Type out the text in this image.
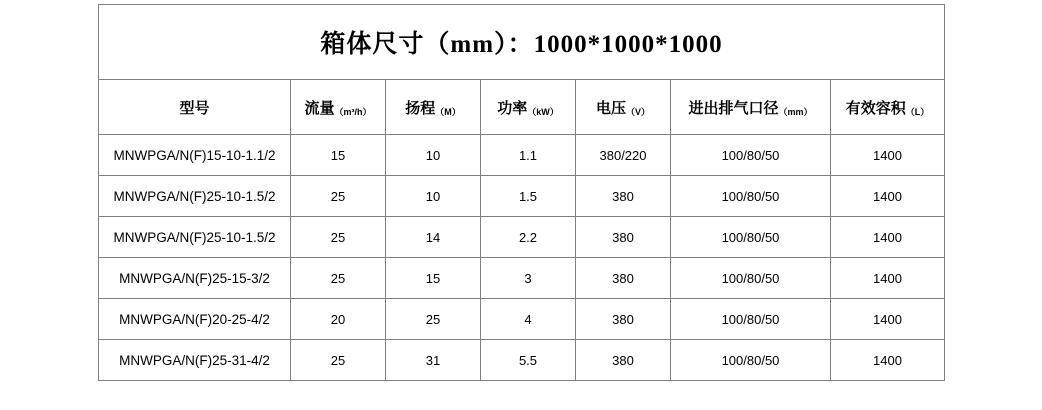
箱体尺寸（mm）：1000*1000*1000						
型号	流量（m³/h）	扬程（M）	功率（kW）	电压（V）	进出排气口径（mm）	有效容积（L）
MNWPGA/N(F)15-10-1.1/2	15	10	1.1	380/220	100/80/50	1400
MNWPGA/N(F)25-10-1.5/2	25	10	1.5	380	100/80/50	1400
MNWPGA/N(F)25-10-1.5/2	25	14	2.2	380	100/80/50	1400
MNWPGA/N(F)25-15-3/2	25	15	3	380	100/80/50	1400
MNWPGA/N(F)20-25-4/2	20	25	4	380	100/80/50	1400
MNWPGA/N(F)25-31-4/2	25	31	5.5	380	100/80/50	1400
